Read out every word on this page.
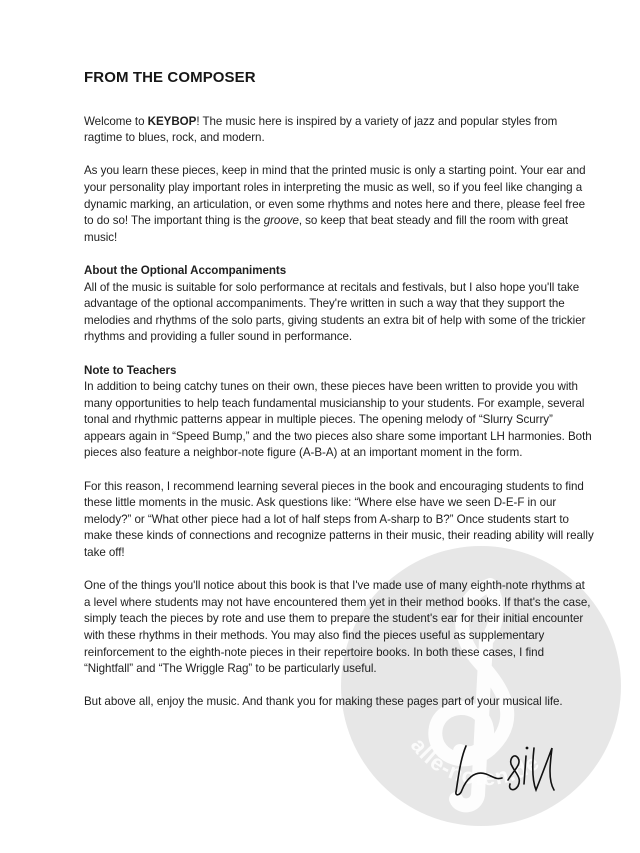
alle-noten.de
FROM THE COMPOSER

Welcome to KEYBOP! The music here is inspired by a variety of jazz and popular styles from ragtime to blues, rock, and modern.

As you learn these pieces, keep in mind that the printed music is only a starting point. Your ear and your personality play important roles in interpreting the music as well, so if you feel like changing a dynamic marking, an articulation, or even some rhythms and notes here and there, please feel free to do so! The important thing is the groove, so keep that beat steady and fill the room with great music!

About the Optional Accompaniments
All of the music is suitable for solo performance at recitals and festivals, but I also hope you'll take advantage of the optional accompaniments. They're written in such a way that they support the melodies and rhythms of the solo parts, giving students an extra bit of help with some of the trickier rhythms and providing a fuller sound in performance.

Note to Teachers
In addition to being catchy tunes on their own, these pieces have been written to provide you with many opportunities to help teach fundamental musicianship to your students. For example, several tonal and rhythmic patterns appear in multiple pieces. The opening melody of “Slurry Scurry” appears again in “Speed Bump,” and the two pieces also share some important LH harmonies. Both pieces also feature a neighbor-note figure (A-B-A) at an important moment in the form.

For this reason, I recommend learning several pieces in the book and encouraging students to find these little moments in the music. Ask questions like: “Where else have we seen D-E-F in our melody?” or “What other piece had a lot of half steps from A-sharp to B?” Once students start to make these kinds of connections and recognize patterns in their music, their reading ability will really take off!

One of the things you'll notice about this book is that I've made use of many eighth-note rhythms at a level where students may not have encountered them yet in their method books. If that's the case, simply teach the pieces by rote and use them to prepare the student's ear for their initial encounter with these rhythms in their methods. You may also find the pieces useful as supplementary reinforcement to the eighth-note pieces in their repertoire books. In both these cases, I find “Nightfall” and “The Wriggle Rag” to be particularly useful.

But above all, enjoy the music. And thank you for making these pages part of your musical life.
